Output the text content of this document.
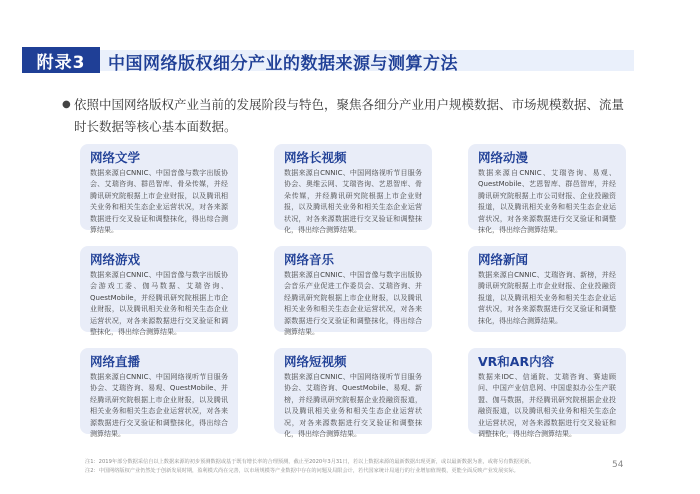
附录3	中国网络版权细分产业的数据来源与测算方法
● 依照中国网络版权产业当前的发展阶段与特色，聚焦各细分产业用户规模数据、市场规模数据、流量时长数据等核心基本面数据。
网络文学

数据来源自CNNIC、中国音像与数字出版协会、艾瑞咨询、群邑智库、骨朵传媒，并经腾讯研究院根据上市企业财报，以及腾讯相关业务和相关生态企业运营状况，对各来源数据进行交叉验证和调整抹化，得出综合测算结果。

网络长视频

数据来源自CNNIC、中国网络视听节目服务协会、奥维云网、艾瑞咨询、艺恩智库、骨朵传媒，并经腾讯研究院根据上市企业财报，以及腾讯相关业务和相关生态企业运营状况，对各来源数据进行交叉验证和调整抹化，得出综合测算结果。

网络动漫

数据来源自CNNIC、艾瑞咨询、易观、QuestMobile、艺恩智库、群邑智库，并经腾讯研究院根据上市公司财报、企业投融资报道，以及腾讯相关业务和相关生态企业运营状况，对各来源数据进行交叉验证和调整抹化，得出综合测算结果。

网络游戏

数据来源自CNNIC、中国音像与数字出版协会游戏工委、伽马数据、艾瑞咨询、QuestMobile，并经腾讯研究院根据上市企业财报，以及腾讯相关业务和相关生态企业运营状况，对各来源数据进行交叉验证和调整抹化，得出综合测算结果。

网络音乐

数据来源自CNNIC、中国音像与数字出版协会音乐产业促进工作委员会、艾瑞咨询、并经腾讯研究院根据上市企业财报，以及腾讯相关业务和相关生态企业运营状况，对各来源数据进行交叉验证和调整抹化，得出综合测算结果。

网络新闻

数据来源自CNNIC、艾瑞咨询、新榜，并经腾讯研究院根据上市企业财报、企业投融资报道，以及腾讯相关业务和相关生态企业运营状况，对各来源数据进行交叉验证和调整抹化，得出综合测算结果。

网络直播

数据来源自CNNIC、中国网络视听节目服务协会、艾瑞咨询、易观、QuestMobile、并经腾讯研究院根据上市企业财报，以及腾讯相关业务和相关生态企业运营状况，对各来源数据进行交叉验证和调整抹化，得出综合测算结果。

网络短视频

数据来源自CNNIC、中国网络视听节目服务协会、艾瑞咨询、QuestMobile、易观、新榜，并经腾讯研究院根据企业投融资报道，以及腾讯相关业务和相关生态企业运营状况，对各来源数据进行交叉验证和调整抹化，得出综合测算结果。

VR和AR内容

数据来IDC、信通院、艾瑞咨询、赛迪顾问、中国产业信息网、中国虚拟办公生产联盟、伽马数据，并经腾讯研究院根据企业投融资报道，以及腾讯相关业务和相关生态企业运营状况，对各来源数据进行交叉验证和调整抹化，得出综合测算结果。

注1：2019年部分数据采信自以上数据来源的初步预测数据或基于既有增长率的合理预测，截止至2020年3月31日，若以上数据来源的最新数据出现更新，或以最新数据为准，或将另有数据更新。
注2：中国网络版权产业仍然处于创新发展时期，盈利模式尚在完善，以市场规模等产业数据中存在的问题及局限会计，若代国家统计局通行的行业增加值规模，更能全面反映产业发展实际。
54
